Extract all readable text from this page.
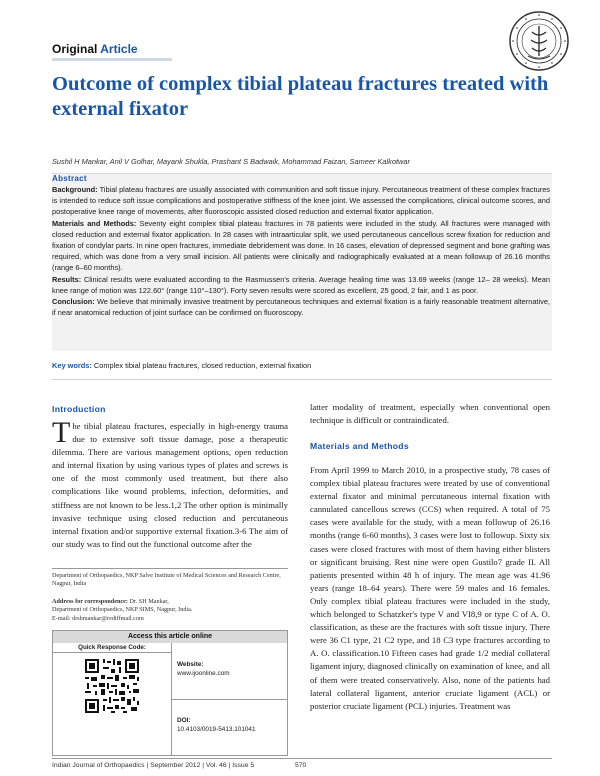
Original Article
Outcome of complex tibial plateau fractures treated with external fixator
Sushil H Mankar, Anil V Golhar, Mayank Shukla, Prashant S Badwaik, Mohammad Faizan, Sameer Kalkotwar
Abstract

Background: Tibial plateau fractures are usually associated with communition and soft tissue injury. Percutaneous treatment of these complex fractures is intended to reduce soft issue complications and postoperative stiffness of the knee joint. We assessed the complications, clinical outcome scores, and postoperative knee range of movements, after fluoroscopic assisted closed reduction and external fixator application.

Materials and Methods: Seventy eight complex tibial plateau fractures in 78 patients were included in the study. All fractures were managed with closed reduction and external fixator application. In 28 cases with intraarticular split, we used percutaneous cancellous screw fixation for reduction and fixation of condylar parts. In nine open fractures, immediate debridement was done. In 16 cases, elevation of depressed segment and bone grafting was required, which was done from a very small incision. All patients were clinically and radiographically evaluated at a mean followup of 26.16 months (range 6–60 months).

Results: Clinical results were evaluated according to the Rasmussen's criteria. Average healing time was 13.69 weeks (range 12– 28 weeks). Mean knee range of motion was 122.60° (range 110°–130°). Forty seven results were scored as excellent, 25 good, 2 fair, and 1 as poor.

Conclusion: We believe that minimally invasive treatment by percutaneous techniques and external fixation is a fairly reasonable treatment alternative, if near anatomical reduction of joint surface can be confirmed on fluoroscopy.

Key words: Complex tibial plateau fractures, closed reduction, external fixation
Introduction
The tibial plateau fractures, especially in high-energy trauma due to extensive soft tissue damage, pose a therapeutic dilemma. There are various management options, open reduction and internal fixation by using various types of plates and screws is one of the most commonly used treatment, but there also complications like wound problems, infection, deformities, and stiffness are not known to be less.1,2 The other option is minimally invasive technique using closed reduction and percutaneous internal fixation and/or supportive external fixation.3-6 The aim of our study was to find out the functional outcome after the
latter modality of treatment, especially when conventional open technique is difficult or contraindicated.
Materials and Methods
From April 1999 to March 2010, in a prospective study, 78 cases of complex tibial plateau fractures were treated by use of conventional external fixator and minimal percutaneous internal fixation with cannulated cancellous screws (CCS) when required. A total of 75 cases were available for the study, with a mean followup of 26.16 months (range 6-60 months), 3 cases were lost to followup. Sixty six cases were closed fractures with most of them having either blisters or significant bruising. Rest nine were open Gustilo7 grade II. All patients presented within 48 h of injury. The mean age was 41.96 years (range 18–64 years). There were 59 males and 16 females. Only complex tibial plateau fractures were included in the study, which belonged to Schatzker's type V and VI8,9 or type C of A. O. classification, as these are the fractures with soft tissue injury. There were 36 C1 type, 21 C2 type, and 18 C3 type fractures according to A. O. classification.10 Fifteen cases had grade 1/2 medial collateral ligament injury, diagnosed clinically on examination of knee, and all of them were treated conservatively. Also, none of the patients had lateral collateral ligament, anterior cruciate ligament (ACL) or posterior cruciate ligament (PCL) injuries. Treatment was
Department of Orthopaedics, NKP Salve Institute of Medical Sciences and Research Centre, Nagpur, India
Address for correspondence: Dr. SH Mankar,
Department of Orthopaedics, NKP SIMS, Nagpur, India.
E-mail: drshmankar@rediffmail.com
Access this article online
Quick Response Code:
Website:
www.ijoonline.com
DOI:
10.4103/0019-5413.101041
Indian Journal of Orthopaedics | September 2012 | Vol. 46 | Issue 5	570
